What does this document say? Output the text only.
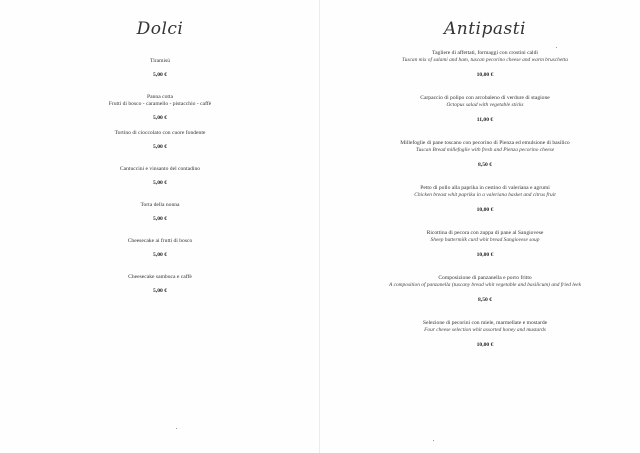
Dolci
Tiramisù
5,00 €
Panna cotta
Frutti di bosco - caramello - pistacchio - caffè
5,00 €
Tortino di cioccolato con cuore fondente
5,00 €
Cantuccini e vinsanto del contadino
5,00 €
Torta della nonna
5,00 €
Cheesecake ai frutti di bosco
5,00 €
Cheesecake sambuca e caffè
5,00 €
Antipasti
Tagliere di affettati, formaggi con crostini caldi
Tuscan mix of salami and ham, tuscan pecorino cheese and warm bruschetta
10,00 €
Carpaccio di polipo con arcobaleno di verdure di stagione
Octopus salad with vegetable sticks
11,00 €
Millefoglie di pane toscano con pecorino di Pienza ed emulsione di basilico
Tuscan Bread millefoglie with fresh and Pienza pecorino cheese
8,50 €
Petto di pollo alla paprika in cestino di valeriana e agrumi
Chicken breast whit paprika in a valeriana basket and citrus fruit
10,00 €
Ricottina di pecora con zuppa di pane al Sangiovese
Sheep buttermilk curd whit bread Sangiovese soup
10,00 €
Composizione di panzanella e porro fritto
A composition of panzanella (tuscany bread whit vegetable and basilicum) and fried leek
8,50 €
Selezione di pecorini con miele, marmellate e mostarde
Four cheese selection whit assorted honey and mustards
10,00 €
